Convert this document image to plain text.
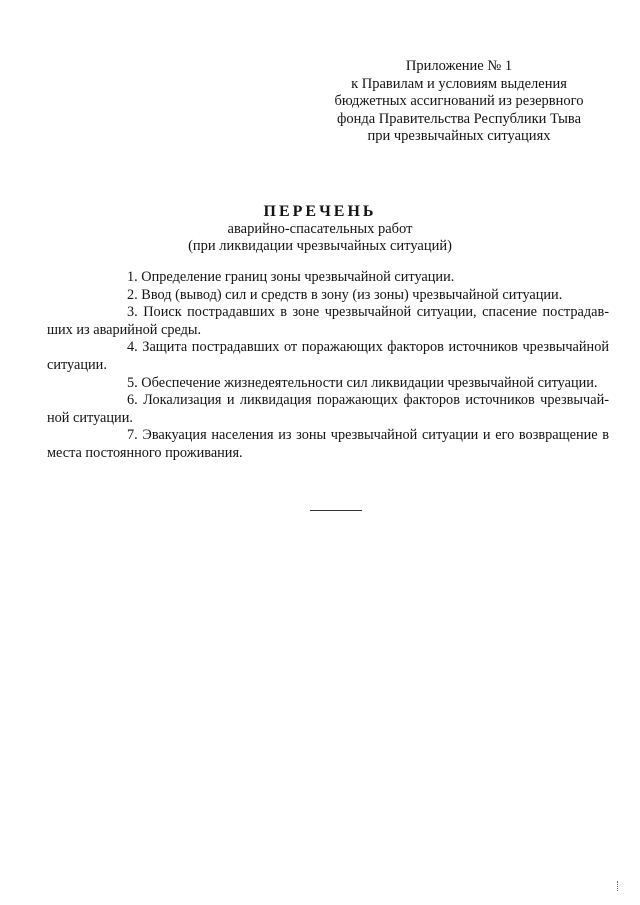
Приложение № 1
к Правилам и условиям выделения
бюджетных ассигнований из резервного
фонда Правительства Республики Тыва
при чрезвычайных ситуациях
ПЕРЕЧЕНЬ
аварийно-спасательных работ
(при ликвидации чрезвычайных ситуаций)
1. Определение границ зоны чрезвычайной ситуации.
2. Ввод (вывод) сил и средств в зону (из зоны) чрезвычайной ситуации.
3. Поиск пострадавших в зоне чрезвычайной ситуации, спасение пострадав-
ших из аварийной среды.
4. Защита пострадавших от поражающих факторов источников чрезвычайной
ситуации.
5. Обеспечение жизнедеятельности сил ликвидации чрезвычайной ситуации.
6. Локализация и ликвидация поражающих факторов источников чрезвычай-
ной ситуации.
7. Эвакуация населения из зоны чрезвычайной ситуации и его возвращение в
места постоянного проживания.
